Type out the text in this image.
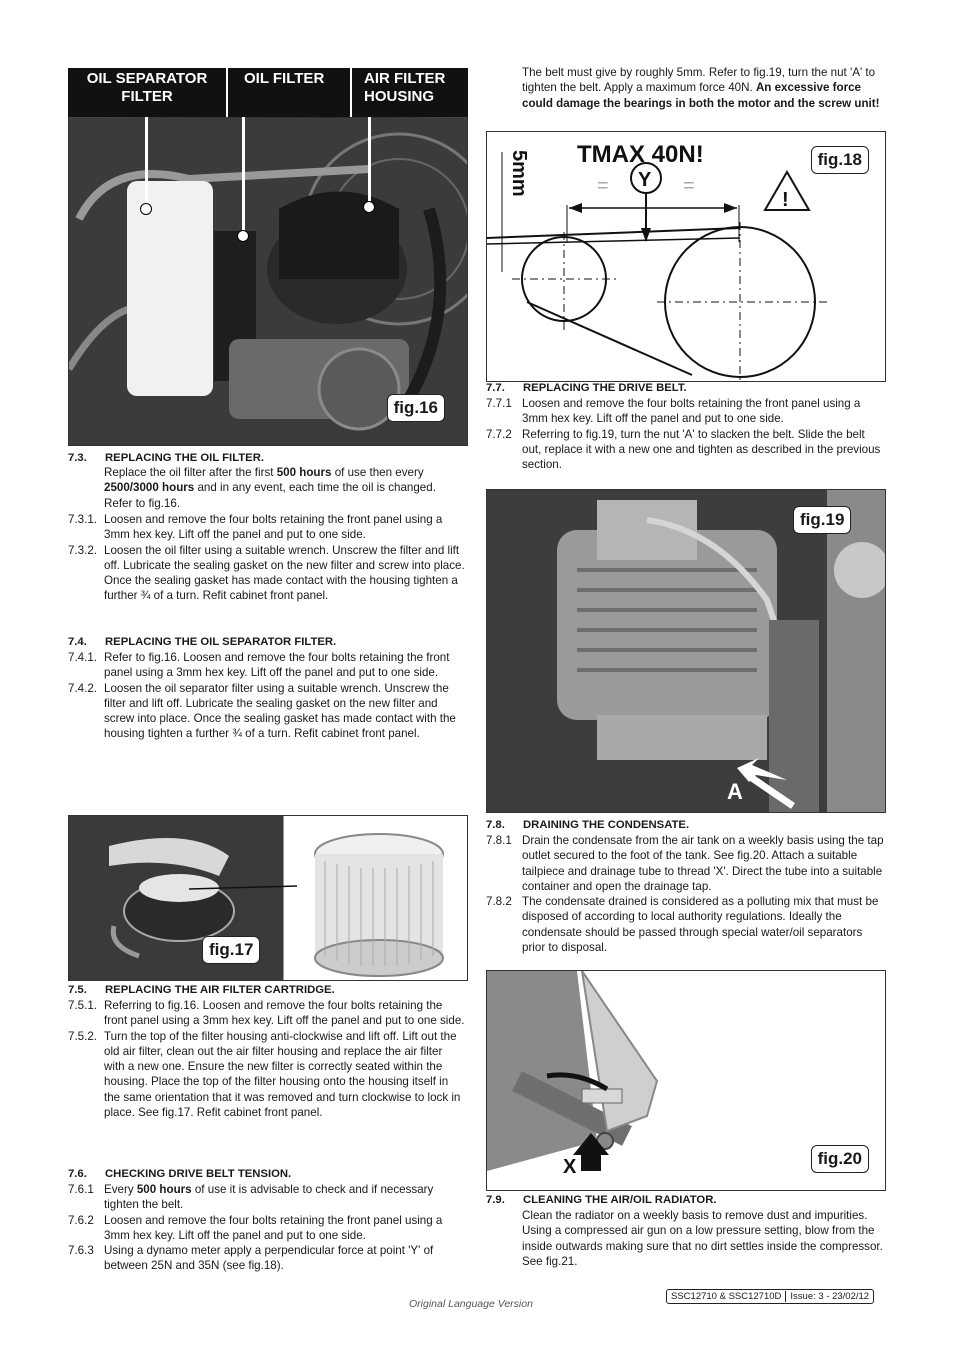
fig.16
OIL SEPARATOR FILTER
OIL FILTER	AIR FILTER HOUSING
7.3. REPLACING THE OIL FILTER.
Replace the oil filter after the first 500 hours of use then every 2500/3000 hours and in any event, each time the oil is changed. Refer to fig.16.
7.3.1. Loosen and remove the four bolts retaining the front panel using a 3mm hex key. Lift off the panel and put to one side.
7.3.2. Loosen the oil filter using a suitable wrench. Unscrew the filter and lift off. Lubricate the sealing gasket on the new filter and screw into place. Once the sealing gasket has made contact with the housing tighten a further ¾ of a turn. Refit cabinet front panel.
7.4. REPLACING THE OIL SEPARATOR FILTER.
7.4.1. Refer to fig.16. Loosen and remove the four bolts retaining the front panel using a 3mm hex key. Lift off the panel and put to one side.
7.4.2. Loosen the oil separator filter using a suitable wrench. Unscrew the filter and lift off. Lubricate the sealing gasket on the new filter and screw into place. Once the sealing gasket has made contact with the housing tighten a further ¾ of a turn. Refit cabinet front panel.
fig.17
7.5. REPLACING THE AIR FILTER CARTRIDGE.
7.5.1. Referring to fig.16. Loosen and remove the four bolts retaining the front panel using a 3mm hex key. Lift off the panel and put to one side.
7.5.2. Turn the top of the filter housing anti-clockwise and lift off. Lift out the old air filter, clean out the air filter housing and replace the air filter with a new one. Ensure the new filter is correctly seated within the housing. Place the top of the filter housing onto the housing itself in the same orientation that it was removed and turn clockwise to lock in place. See fig.17. Refit cabinet front panel.
7.6. CHECKING DRIVE BELT TENSION.
7.6.1 Every 500 hours of use it is advisable to check and if necessary tighten the belt.
7.6.2 Loosen and remove the four bolts retaining the front panel using a 3mm hex key. Lift off the panel and put to one side.
7.6.3 Using a dynamo meter apply a perpendicular force at point 'Y' of between 25N and 35N (see fig.18).
The belt must give by roughly 5mm. Refer to fig.19, turn the nut 'A' to tighten the belt. Apply a maximum force 40N. An excessive force could damage the bearings in both the motor and the screw unit!
TMAX 40N!
5mm	Y
=	=
!
fig.18
7.7. REPLACING THE DRIVE BELT.
7.7.1 Loosen and remove the four bolts retaining the front panel using a 3mm hex key. Lift off the panel and put to one side.
7.7.2 Referring to fig.19, turn the nut 'A' to slacken the belt. Slide the belt out, replace it with a new one and tighten as described in the previous section.
fig.19
A
7.8. DRAINING THE CONDENSATE.
7.8.1 Drain the condensate from the air tank on a weekly basis using the tap outlet secured to the foot of the tank. See fig.20. Attach a suitable tailpiece and drainage tube to thread 'X'. Direct the tube into a suitable container and open the drainage tap.
7.8.2 The condensate drained is considered as a polluting mix that must be disposed of according to local authority regulations. Ideally the condensate should be passed through special water/oil separators prior to disposal.
fig.20
X
7.9. CLEANING THE AIR/OIL RADIATOR.
Clean the radiator on a weekly basis to remove dust and impurities. Using a compressed air gun on a low pressure setting, blow from the inside outwards making sure that no dirt settles inside the compressor. See fig.21.
Original Language Version
SSC12710 & SSC12710D Issue: 3 - 23/02/12
